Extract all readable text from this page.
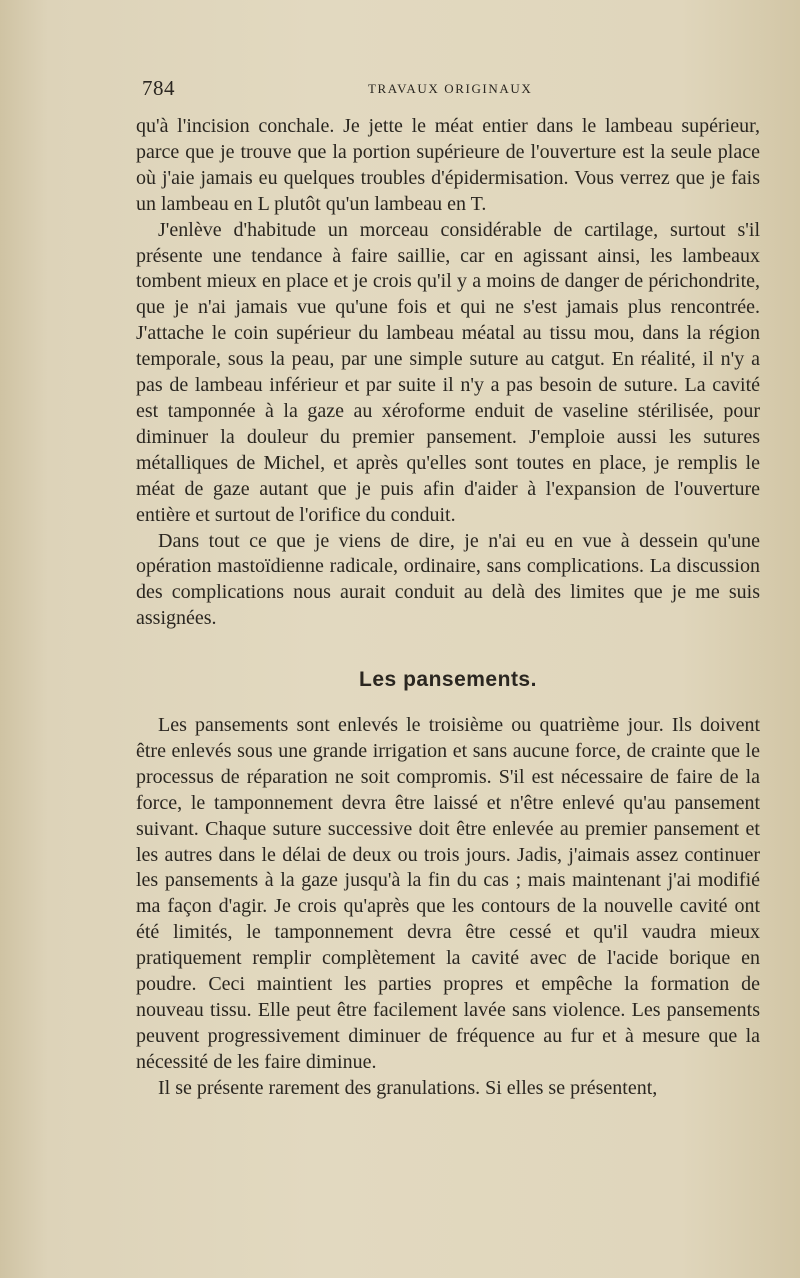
784	TRAVAUX ORIGINAUX

qu'à l'incision conchale. Je jette le méat entier dans le lambeau supérieur, parce que je trouve que la portion supérieure de l'ouverture est la seule place où j'aie jamais eu quelques troubles d'épidermisation. Vous verrez que je fais un lambeau en L plutôt qu'un lambeau en T.

J'enlève d'habitude un morceau considérable de cartilage, surtout s'il présente une tendance à faire saillie, car en agissant ainsi, les lambeaux tombent mieux en place et je crois qu'il y a moins de danger de périchondrite, que je n'ai jamais vue qu'une fois et qui ne s'est jamais plus rencontrée. J'attache le coin supérieur du lambeau méatal au tissu mou, dans la région temporale, sous la peau, par une simple suture au catgut. En réalité, il n'y a pas de lambeau inférieur et par suite il n'y a pas besoin de suture. La cavité est tamponnée à la gaze au xéroforme enduit de vaseline stérilisée, pour diminuer la douleur du premier pansement. J'emploie aussi les sutures métalliques de Michel, et après qu'elles sont toutes en place, je remplis le méat de gaze autant que je puis afin d'aider à l'expansion de l'ouverture entière et surtout de l'orifice du conduit.

Dans tout ce que je viens de dire, je n'ai eu en vue à dessein qu'une opération mastoïdienne radicale, ordinaire, sans complications. La discussion des complications nous aurait conduit au delà des limites que je me suis assignées.

Les pansements.

Les pansements sont enlevés le troisième ou quatrième jour. Ils doivent être enlevés sous une grande irrigation et sans aucune force, de crainte que le processus de réparation ne soit compromis. S'il est nécessaire de faire de la force, le tamponnement devra être laissé et n'être enlevé qu'au pansement suivant. Chaque suture successive doit être enlevée au premier pansement et les autres dans le délai de deux ou trois jours. Jadis, j'aimais assez continuer les pansements à la gaze jusqu'à la fin du cas ; mais maintenant j'ai modifié ma façon d'agir. Je crois qu'après que les contours de la nouvelle cavité ont été limités, le tamponnement devra être cessé et qu'il vaudra mieux pratiquement remplir complètement la cavité avec de l'acide borique en poudre. Ceci maintient les parties propres et empêche la formation de nouveau tissu. Elle peut être facilement lavée sans violence. Les pansements peuvent progressivement diminuer de fréquence au fur et à mesure que la nécessité de les faire diminue.

Il se présente rarement des granulations. Si elles se présentent,
